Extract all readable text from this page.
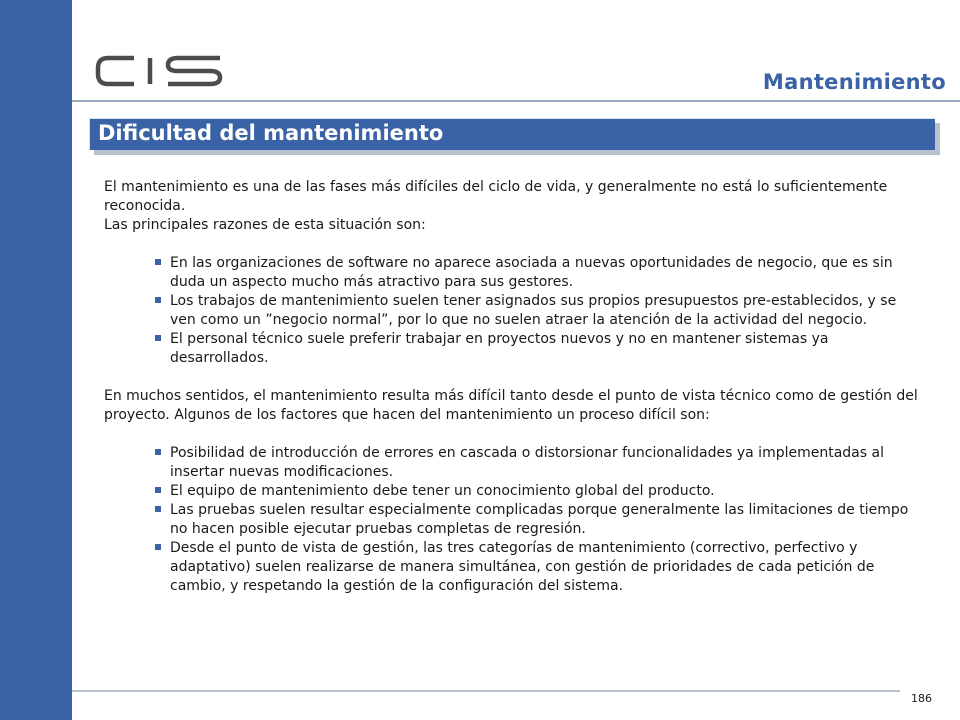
Mantenimiento
Dificultad del mantenimiento

El mantenimiento es una de las fases más difíciles del ciclo de vida, y generalmente no está lo suficientemente reconocida.

Las principales razones de esta situación son:

En las organizaciones de software no aparece asociada a nuevas oportunidades de negocio, que es sin duda un aspecto mucho más atractivo para sus gestores.
Los trabajos de mantenimiento suelen tener asignados sus propios presupuestos pre-establecidos, y se ven como un ”negocio normal”, por lo que no suelen atraer la atención de la actividad del negocio.
El personal técnico suele preferir trabajar en proyectos nuevos y no en mantener sistemas ya desarrollados.

En muchos sentidos, el mantenimiento resulta más difícil tanto desde el punto de vista técnico como de gestión del proyecto. Algunos de los factores que hacen del mantenimiento un proceso difícil son:

Posibilidad de introducción de errores en cascada o distorsionar funcionalidades ya implementadas al insertar nuevas modificaciones.
El equipo de mantenimiento debe tener un conocimiento global del producto.
Las pruebas suelen resultar especialmente complicadas porque generalmente las limitaciones de tiempo no hacen posible ejecutar pruebas completas de regresión.
Desde el punto de vista de gestión, las tres categorías de mantenimiento (correctivo, perfectivo y adaptativo) suelen realizarse de manera simultánea, con gestión de prioridades de cada petición de cambio, y respetando la gestión de la configuración del sistema.
186
